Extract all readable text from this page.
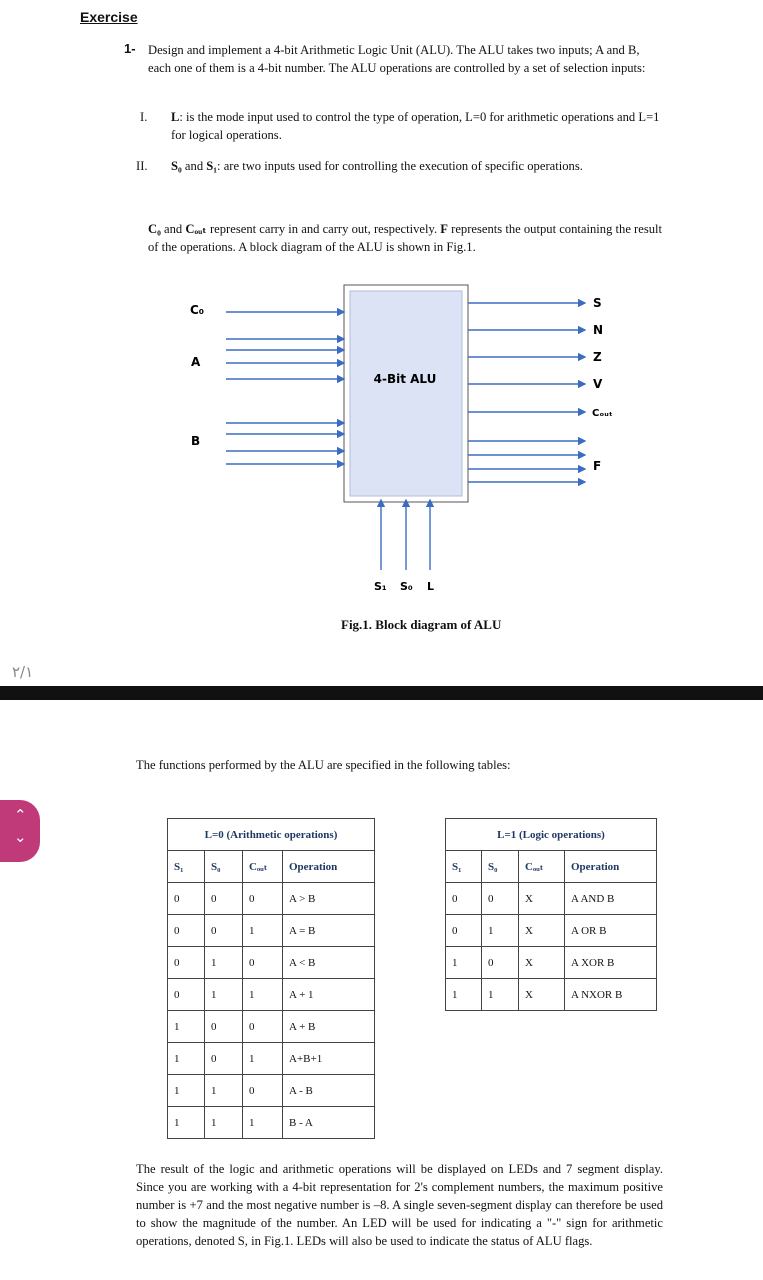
Exercise
1- Design and implement a 4-bit Arithmetic Logic Unit (ALU). The ALU takes two inputs; A and B, each one of them is a 4-bit number. The ALU operations are controlled by a set of selection inputs:
I. L: is the mode input used to control the type of operation, L=0 for arithmetic operations and L=1 for logical operations.
II. S₀ and S₁: are two inputs used for controlling the execution of specific operations.
C₀ and Cₒᵤₜ represent carry in and carry out, respectively. F represents the output containing the result of the operations. A block diagram of the ALU is shown in Fig.1.
4-Bit ALU
C₀
A
B
S
N
Z
V
Cₒᵤₜ
F
S₁ S₀ L
Fig.1. Block diagram of ALU
٢/١
⌃
⌄
The functions performed by the ALU are specified in the following tables:
L=0 (Arithmetic operations)			
S₁	S₀	Cₒᵤₜ	Operation
0	0	0	A > B
0	0	1	A = B
0	1	0	A < B
0	1	1	A + 1
1	0	0	A + B
1	0	1	A+B+1
1	1	0	A - B
1	1	1	B - A
L=1 (Logic operations)			
S₁	S₀	Cₒᵤₜ	Operation
0	0	X	A AND B
0	1	X	A OR B
1	0	X	A XOR B
1	1	X	A NXOR B
The result of the logic and arithmetic operations will be displayed on LEDs and 7 segment display. Since you are working with a 4-bit representation for 2's complement numbers, the maximum positive number is +7 and the most negative number is –8. A single seven-segment display can therefore be used to show the magnitude of the number. An LED will be used for indicating a "-" sign for arithmetic operations, denoted S, in Fig.1. LEDs will also be used to indicate the status of ALU flags.
